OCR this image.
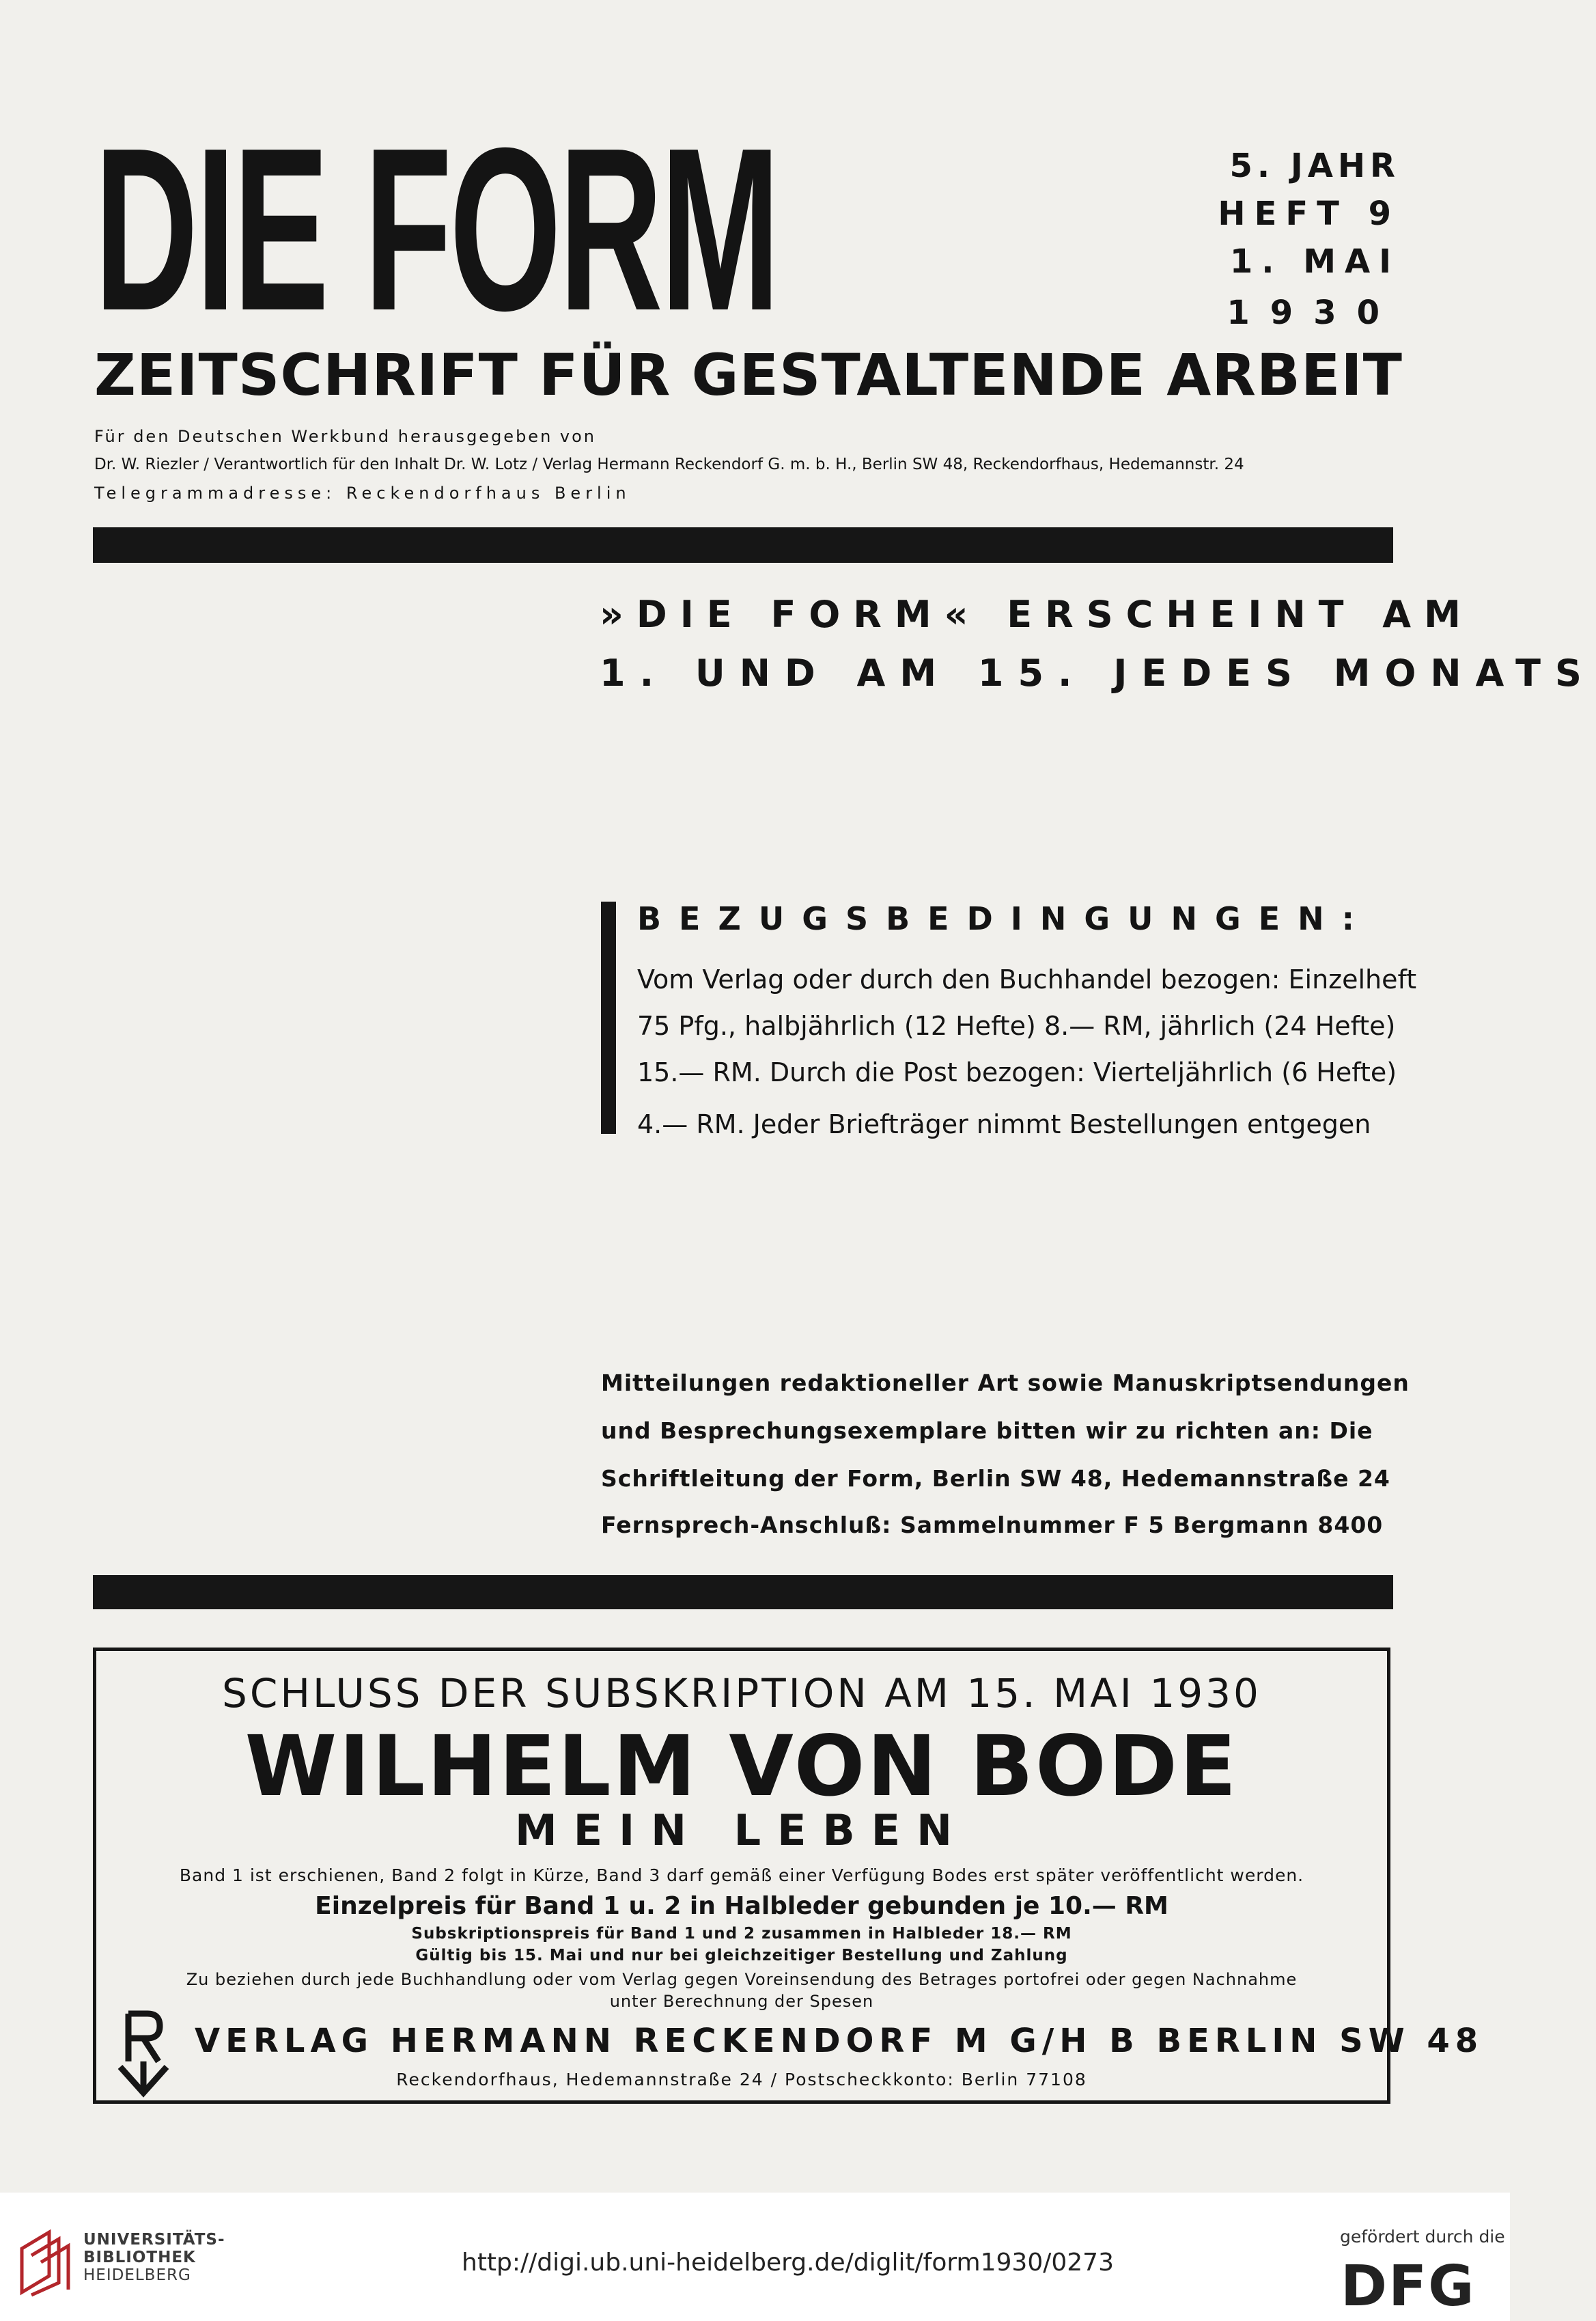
DIE FORM	5. JAHR
HEFT 9
1. MAI
1930
ZEITSCHRIFT FÜR GESTALTENDE ARBEIT
Für den Deutschen Werkbund herausgegeben von
Dr. W. Riezler / Verantwortlich für den Inhalt Dr. W. Lotz / Verlag Hermann Reckendorf G. m. b. H., Berlin SW 48, Reckendorfhaus, Hedemannstr. 24
Telegrammadresse: Reckendorfhaus Berlin
»DIE FORM« ERSCHEINT AM
1. UND AM 15. JEDES MONATS
BEZUGSBEDINGUNGEN:
Vom Verlag oder durch den Buchhandel bezogen: Einzelheft
75 Pfg., halbjährlich (12 Hefte) 8.— RM, jährlich (24 Hefte)
15.— RM. Durch die Post bezogen: Vierteljährlich (6 Hefte)
4.— RM. Jeder Briefträger nimmt Bestellungen entgegen
Mitteilungen redaktioneller Art sowie Manuskriptsendungen
und Besprechungsexemplare bitten wir zu richten an: Die
Schriftleitung der Form, Berlin SW 48, Hedemannstraße 24
Fernsprech-Anschluß: Sammelnummer F 5 Bergmann 8400
SCHLUSS DER SUBSKRIPTION AM 15. MAI 1930
WILHELM VON BODE
MEIN LEBEN
Band 1 ist erschienen, Band 2 folgt in Kürze, Band 3 darf gemäß einer Verfügung Bodes erst später veröffentlicht werden.
Einzelpreis für Band 1 u. 2 in Halbleder gebunden je 10.— RM
Subskriptionspreis für Band 1 und 2 zusammen in Halbleder 18.— RM
Gültig bis 15. Mai und nur bei gleichzeitiger Bestellung und Zahlung
Zu beziehen durch jede Buchhandlung oder vom Verlag gegen Voreinsendung des Betrages portofrei oder gegen Nachnahme
unter Berechnung der Spesen
VERLAG HERMANN RECKENDORF M G/H B BERLIN SW 48
Reckendorfhaus, Hedemannstraße 24 / Postscheckkonto: Berlin 77108
UNIVERSITÄTS-
BIBLIOTHEK
HEIDELBERG	http://digi.ub.uni-heidelberg.de/diglit/form1930/0273
gefördert durch die
DFG
